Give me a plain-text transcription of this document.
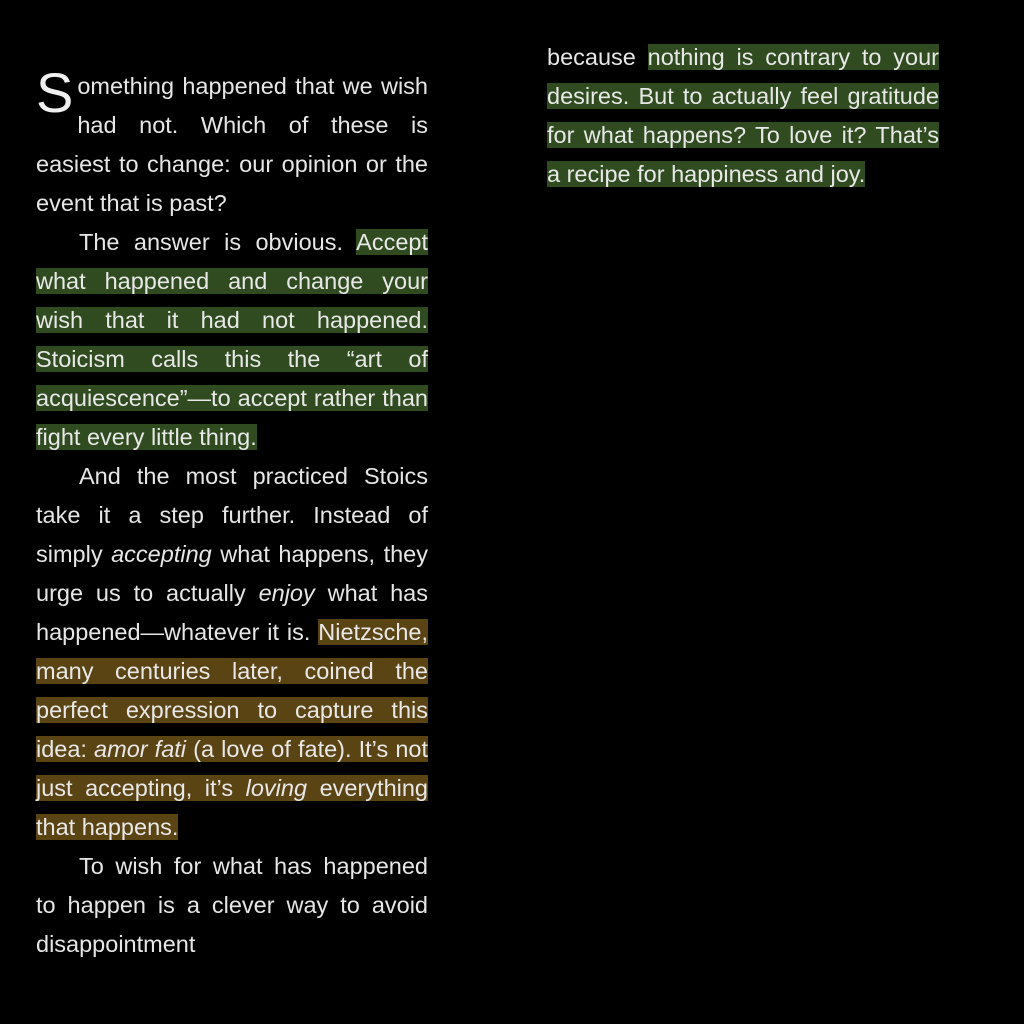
Something happened that we wish had not. Which of these is easiest to change: our opinion or the event that is past?

The answer is obvious. Accept what happened and change your wish that it had not happened. Stoicism calls this the “art of acquiescence”—to accept rather than fight every little thing.

And the most practiced Stoics take it a step further. Instead of simply accepting what happens, they urge us to actually enjoy what has happened—whatever it is. Nietzsche, many centuries later, coined the perfect expression to capture this idea: amor fati (a love of fate). It’s not just accepting, it’s loving everything that happens.

To wish for what has happened to happen is a clever way to avoid disappointment

because nothing is contrary to your desires. But to actually feel gratitude for what happens? To love it? That’s a recipe for happiness and joy.
